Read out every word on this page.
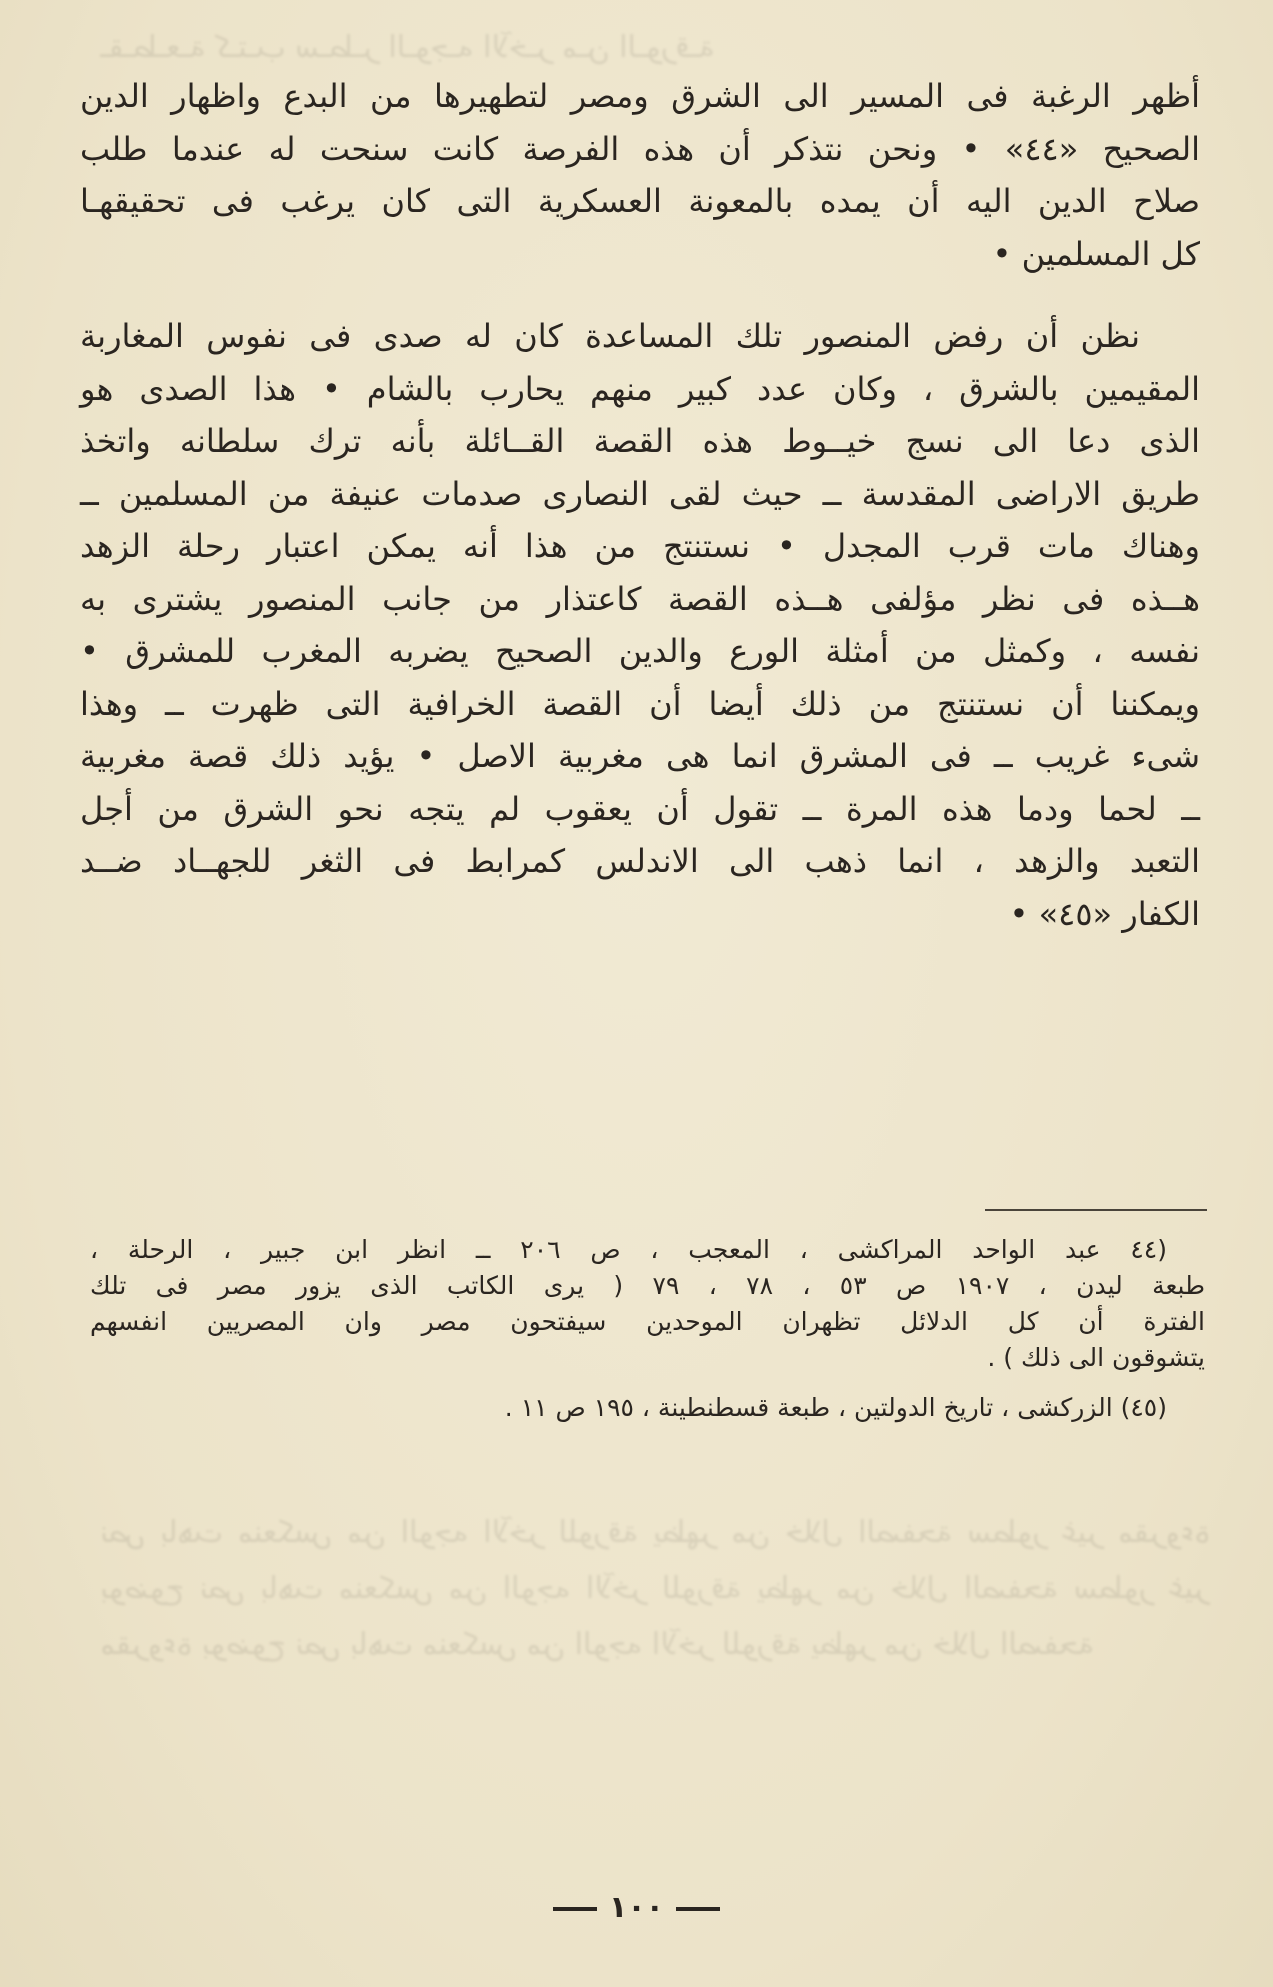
ـقـطـعـة كـتـب سـطـر الـوجـه الآخـر مـن الـورقـة
نص باهت منعكس من الوجه الآخر للورقة يظهر من خلال الصفحة سطور غير مقروءة بوضوح نص باهت منعكس من الوجه الآخر للورقة يظهر من خلال الصفحة سطور غير مقروءة بوضوح نص باهت منعكس من الوجه الآخر للورقة يظهر من خلال الصفحة
أظهر الرغبة فى المسير الى الشرق ومصر لتطهيرها من البدع واظهار الدين
الصحيح «٤٤» • ونحن نتذكر أن هذه الفرصة كانت سنحت له عندما طلب
صلاح الدين اليه أن يمده بالمعونة العسكرية التى كان يرغب فى تحقيقهـا
كل المسلمين •
نظن أن رفض المنصور تلك المساعدة كان له صدى فى نفوس المغاربة
المقيمين بالشرق ، وكان عدد كبير منهم يحارب بالشام • هذا الصدى هو
الذى دعا الى نسج خيــوط هذه القصة القــائلة بأنه ترك سلطانه واتخذ
طريق الاراضى المقدسة ــ حيث لقى النصارى صدمات عنيفة من المسلمين ــ
وهناك مات قرب المجدل • نستنتج من هذا أنه يمكن اعتبار رحلة الزهد
هــذه فى نظر مؤلفى هــذه القصة كاعتذار من جانب المنصور يشترى به
نفسه ، وكمثل من أمثلة الورع والدين الصحيح يضربه المغرب للمشرق •
ويمكننا أن نستنتج من ذلك أيضا أن القصة الخرافية التى ظهرت ــ وهذا
شىء غريب ــ فى المشرق انما هى مغربية الاصل • يؤيد ذلك قصة مغربية
ــ لحما ودما هذه المرة ــ تقول أن يعقوب لم يتجه نحو الشرق من أجل
التعبد والزهد ، انما ذهب الى الاندلس كمرابط فى الثغر للجهــاد ضــد
الكفار «٤٥» •
(٤٤ عبد الواحد المراكشى ، المعجب ، ص ٢٠٦ ــ انظر ابن جبير ، الرحلة ،
طبعة ليدن ، ١٩٠٧ ص ٥٣ ، ٧٨ ، ٧٩ ( يرى الكاتب الذى يزور مصر فى تلك
الفترة أن كل الدلائل تظهران الموحدين سيفتحون مصر وان المصريين انفسهم
يتشوقون الى ذلك ) .
(٤٥) الزركشى ، تاريخ الدولتين ، طبعة قسطنطينة ، ١٩٥ ص ١١ .
١٠٠
